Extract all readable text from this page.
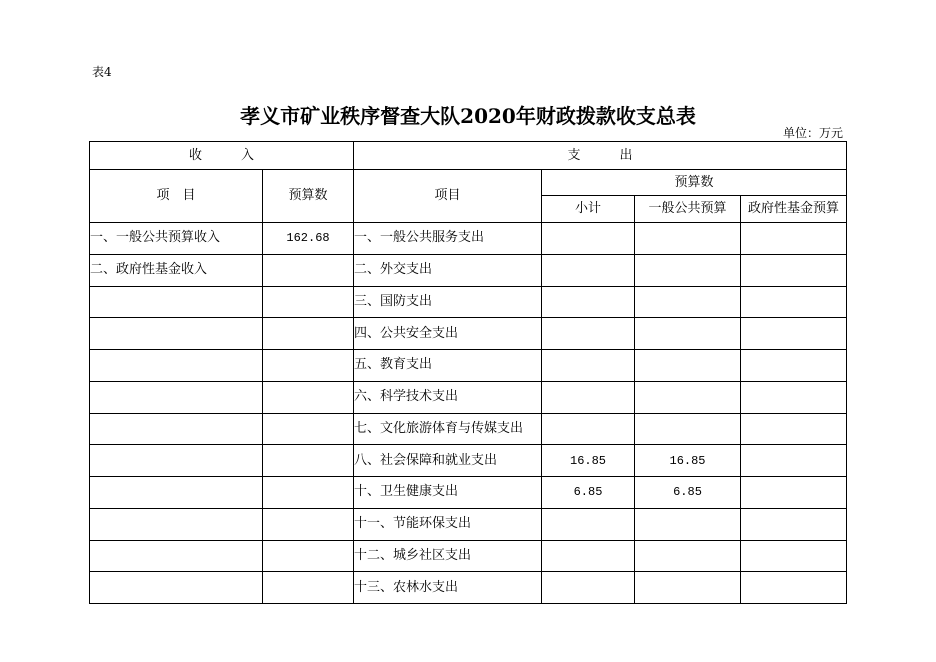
表4
孝义市矿业秩序督查大队2020年财政拨款收支总表
单位：万元
收　　　入		支　　　出			
项　目	预算数	项目	预算数		
			小计	一般公共预算	政府性基金预算
一、一般公共预算收入	162.68	一、一般公共服务支出			
二、政府性基金收入		二、外交支出			
		三、国防支出			
		四、公共安全支出			
		五、教育支出			
		六、科学技术支出			
		七、文化旅游体育与传媒支出			
		八、社会保障和就业支出	16.85	16.85	
		十、卫生健康支出	6.85	6.85	
		十一、节能环保支出			
		十二、城乡社区支出			
		十三、农林水支出			
